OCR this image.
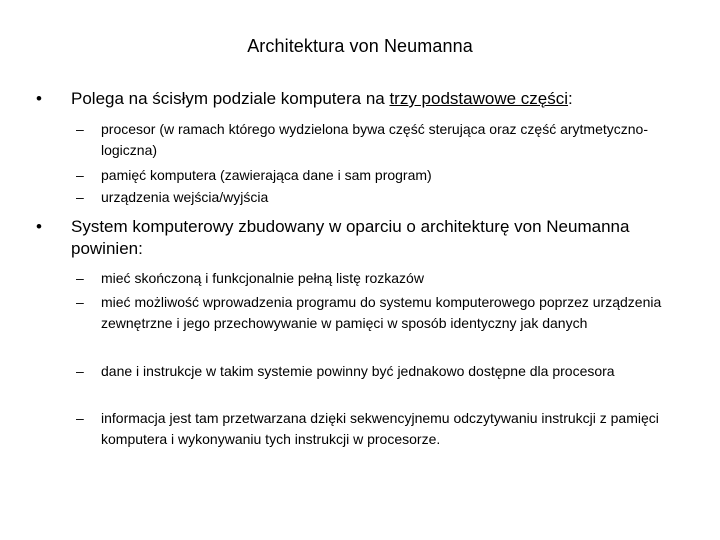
Architektura von Neumanna
•	Polega na ścisłym podziale komputera na trzy podstawowe części:
–	procesor (w ramach którego wydzielona bywa część sterująca oraz część arytmetyczno-logiczna)
–	pamięć komputera (zawierająca dane i sam program)
–	urządzenia wejścia/wyjścia
•	System komputerowy zbudowany w oparciu o architekturę von Neumanna powinien:
–	mieć skończoną i funkcjonalnie pełną listę rozkazów
–	mieć możliwość wprowadzenia programu do systemu komputerowego poprzez urządzenia zewnętrzne i jego przechowywanie w pamięci w sposób identyczny jak danych
–	dane i instrukcje w takim systemie powinny być jednakowo dostępne dla procesora
–	informacja jest tam przetwarzana dzięki sekwencyjnemu odczytywaniu instrukcji z pamięci komputera i wykonywaniu tych instrukcji w procesorze.
